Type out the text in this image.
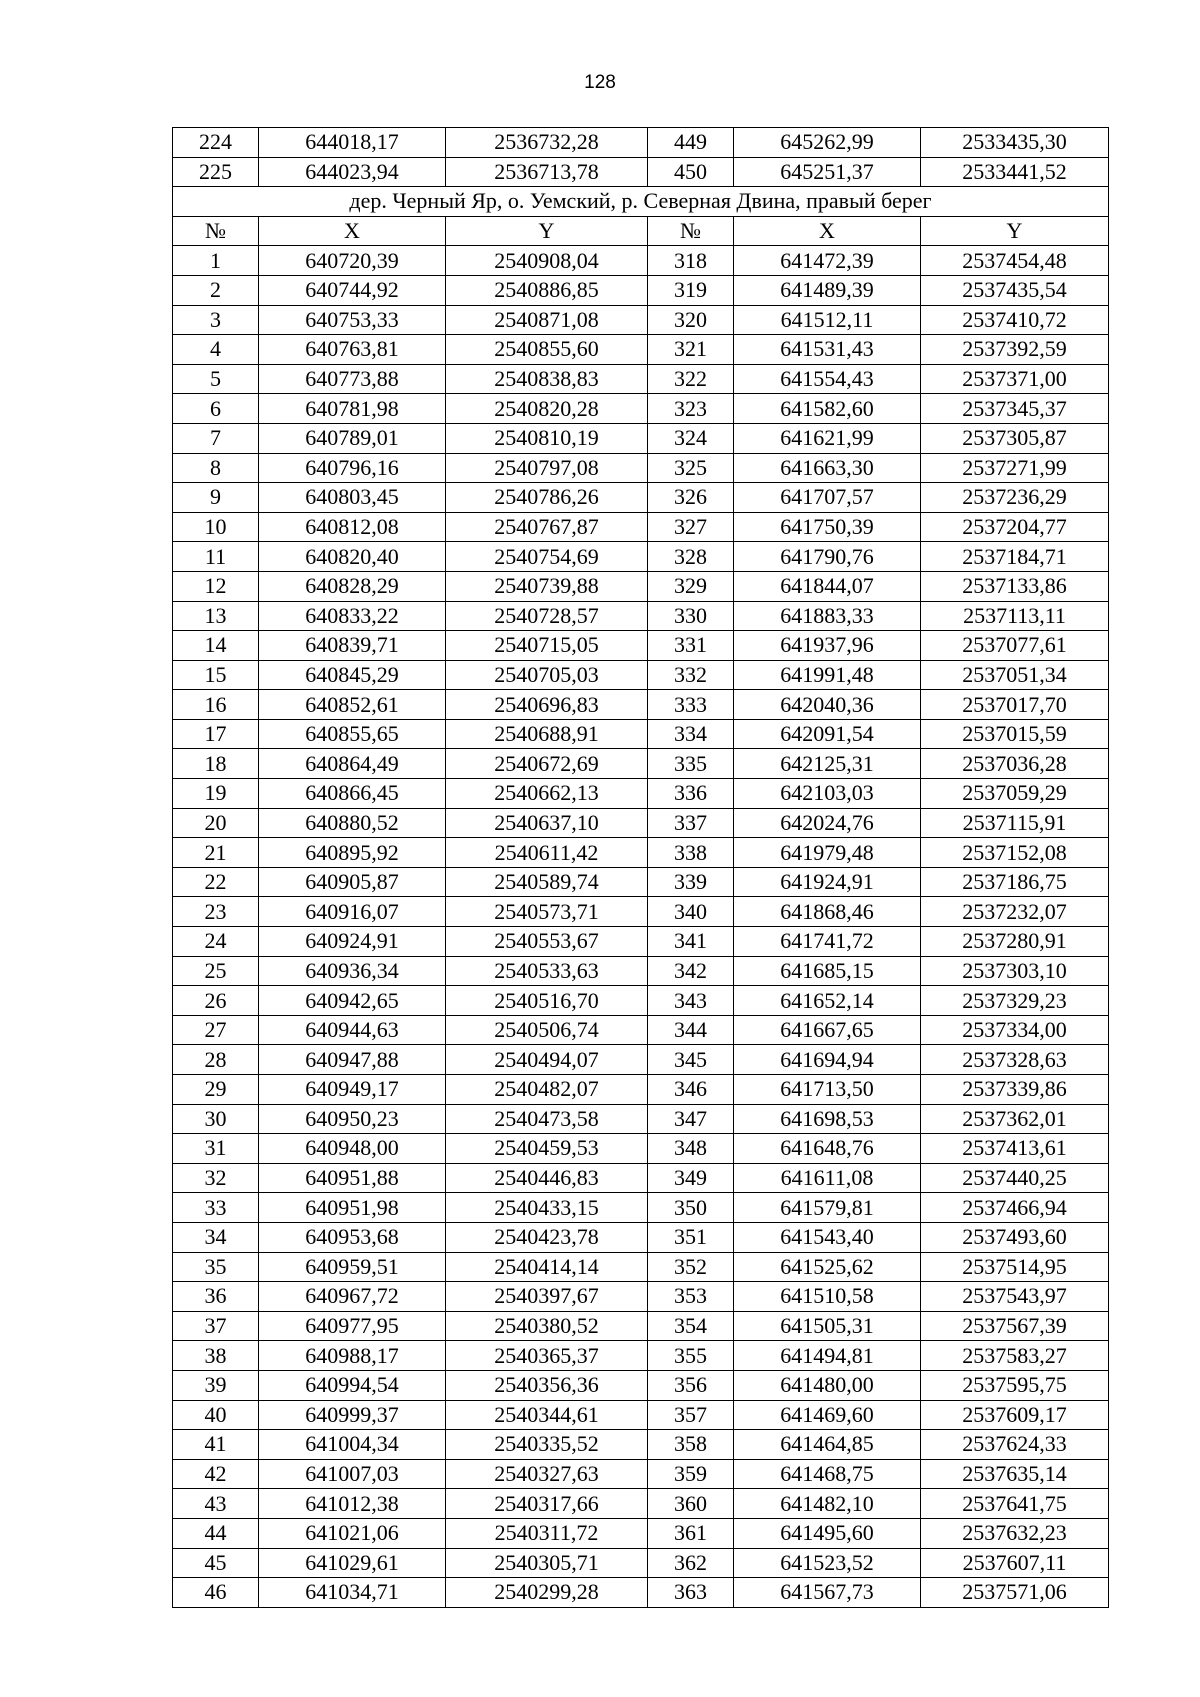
128
224	644018,17	2536732,28	449	645262,99	2533435,30
225	644023,94	2536713,78	450	645251,37	2533441,52
дер. Черный Яр, о. Уемский, р. Северная Двина, правый берег					
№	X	Y	№	X	Y
1	640720,39	2540908,04	318	641472,39	2537454,48
2	640744,92	2540886,85	319	641489,39	2537435,54
3	640753,33	2540871,08	320	641512,11	2537410,72
4	640763,81	2540855,60	321	641531,43	2537392,59
5	640773,88	2540838,83	322	641554,43	2537371,00
6	640781,98	2540820,28	323	641582,60	2537345,37
7	640789,01	2540810,19	324	641621,99	2537305,87
8	640796,16	2540797,08	325	641663,30	2537271,99
9	640803,45	2540786,26	326	641707,57	2537236,29
10	640812,08	2540767,87	327	641750,39	2537204,77
11	640820,40	2540754,69	328	641790,76	2537184,71
12	640828,29	2540739,88	329	641844,07	2537133,86
13	640833,22	2540728,57	330	641883,33	2537113,11
14	640839,71	2540715,05	331	641937,96	2537077,61
15	640845,29	2540705,03	332	641991,48	2537051,34
16	640852,61	2540696,83	333	642040,36	2537017,70
17	640855,65	2540688,91	334	642091,54	2537015,59
18	640864,49	2540672,69	335	642125,31	2537036,28
19	640866,45	2540662,13	336	642103,03	2537059,29
20	640880,52	2540637,10	337	642024,76	2537115,91
21	640895,92	2540611,42	338	641979,48	2537152,08
22	640905,87	2540589,74	339	641924,91	2537186,75
23	640916,07	2540573,71	340	641868,46	2537232,07
24	640924,91	2540553,67	341	641741,72	2537280,91
25	640936,34	2540533,63	342	641685,15	2537303,10
26	640942,65	2540516,70	343	641652,14	2537329,23
27	640944,63	2540506,74	344	641667,65	2537334,00
28	640947,88	2540494,07	345	641694,94	2537328,63
29	640949,17	2540482,07	346	641713,50	2537339,86
30	640950,23	2540473,58	347	641698,53	2537362,01
31	640948,00	2540459,53	348	641648,76	2537413,61
32	640951,88	2540446,83	349	641611,08	2537440,25
33	640951,98	2540433,15	350	641579,81	2537466,94
34	640953,68	2540423,78	351	641543,40	2537493,60
35	640959,51	2540414,14	352	641525,62	2537514,95
36	640967,72	2540397,67	353	641510,58	2537543,97
37	640977,95	2540380,52	354	641505,31	2537567,39
38	640988,17	2540365,37	355	641494,81	2537583,27
39	640994,54	2540356,36	356	641480,00	2537595,75
40	640999,37	2540344,61	357	641469,60	2537609,17
41	641004,34	2540335,52	358	641464,85	2537624,33
42	641007,03	2540327,63	359	641468,75	2537635,14
43	641012,38	2540317,66	360	641482,10	2537641,75
44	641021,06	2540311,72	361	641495,60	2537632,23
45	641029,61	2540305,71	362	641523,52	2537607,11
46	641034,71	2540299,28	363	641567,73	2537571,06
